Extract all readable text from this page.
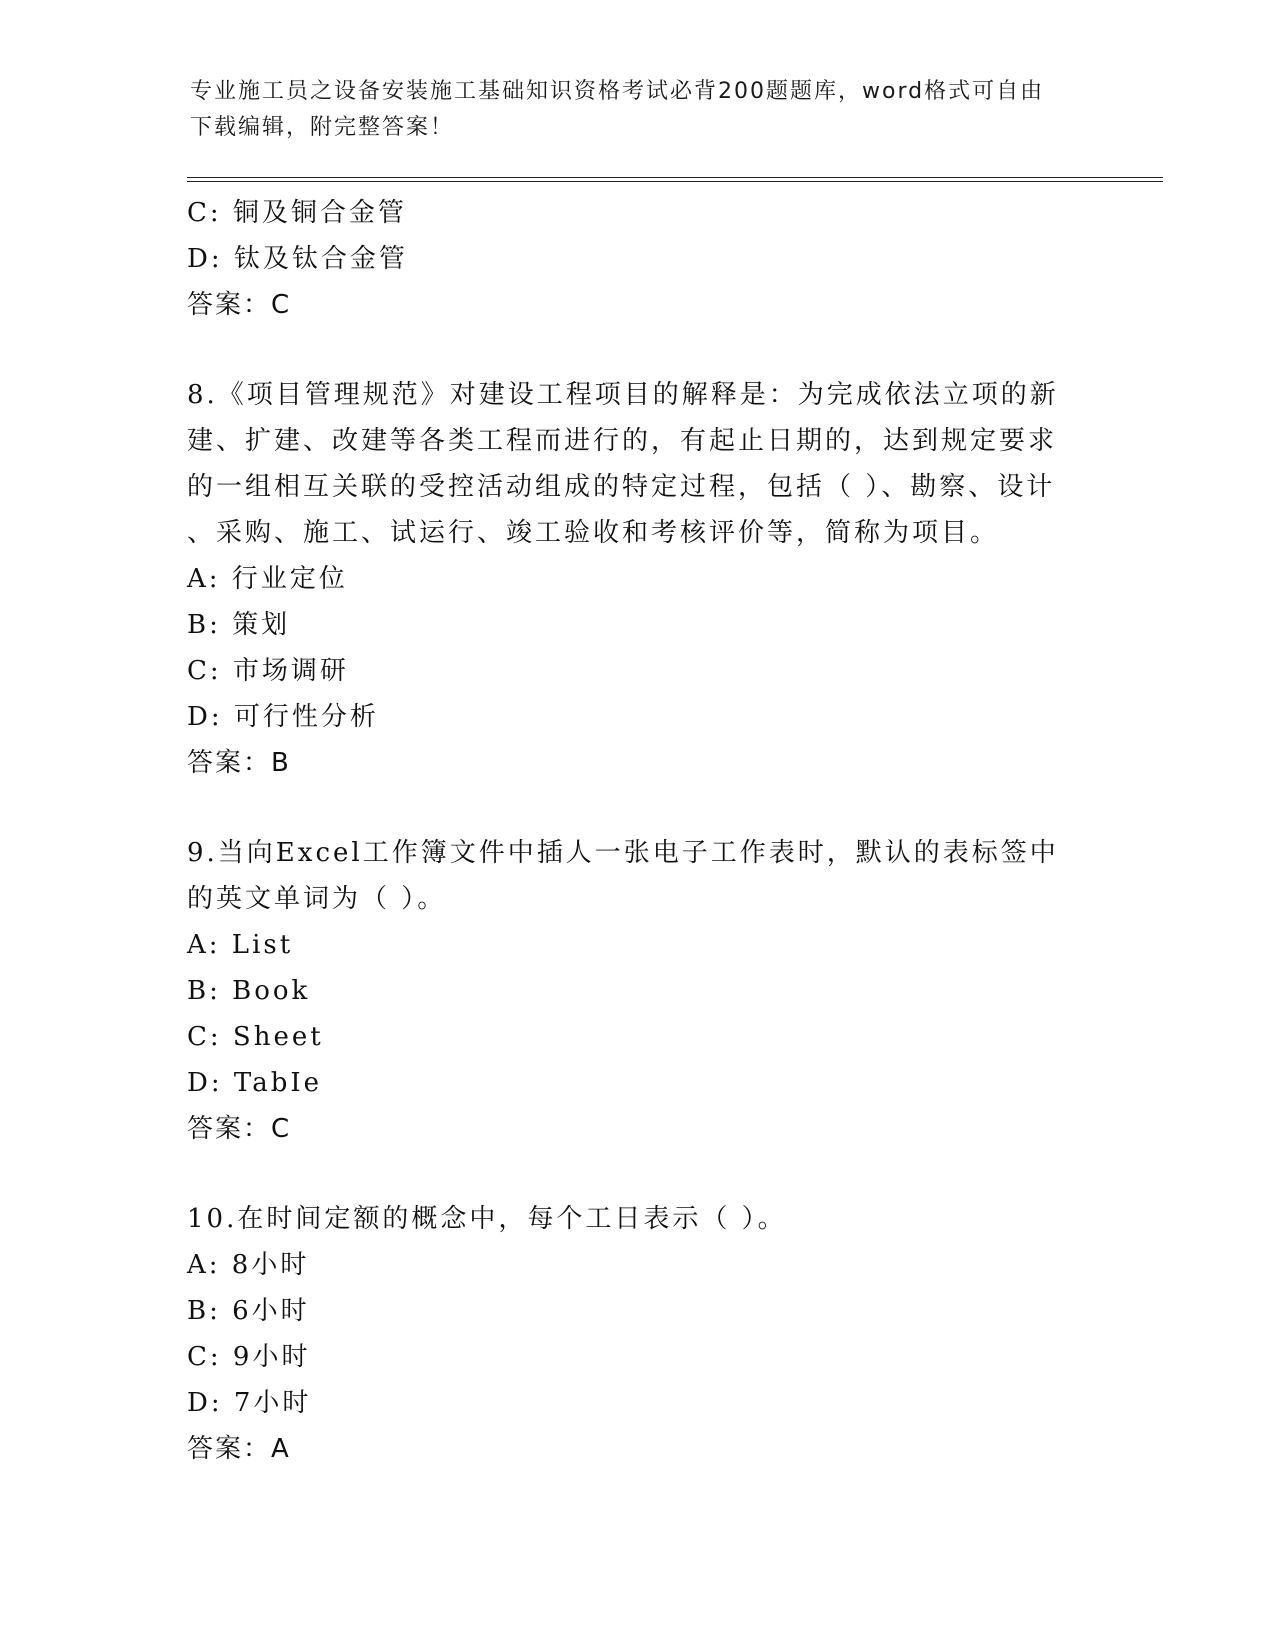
专业施工员之设备安装施工基础知识资格考试必背200题题库，word格式可自由
下载编辑，附完整答案！
C: 铜及铜合金管
D: 钛及钛合金管
答案：C
8.《项目管理规范》对建设工程项目的解释是：为完成依法立项的新
建、扩建、改建等各类工程而进行的，有起止日期的，达到规定要求
的一组相互关联的受控活动组成的特定过程，包括（ ）、勘察、设计
、采购、施工、试运行、竣工验收和考核评价等，简称为项目。
A: 行业定位
B: 策划
C: 市场调研
D: 可行性分析
答案：B
9.当向Excel工作簿文件中插人一张电子工作表时，默认的表标签中
的英文单词为（ ）。
A: List
B: Book
C: Sheet
D: TabIe
答案：C
10.在时间定额的概念中，每个工日表示（ ）。
A: 8小时
B: 6小时
C: 9小时
D: 7小时
答案：A
